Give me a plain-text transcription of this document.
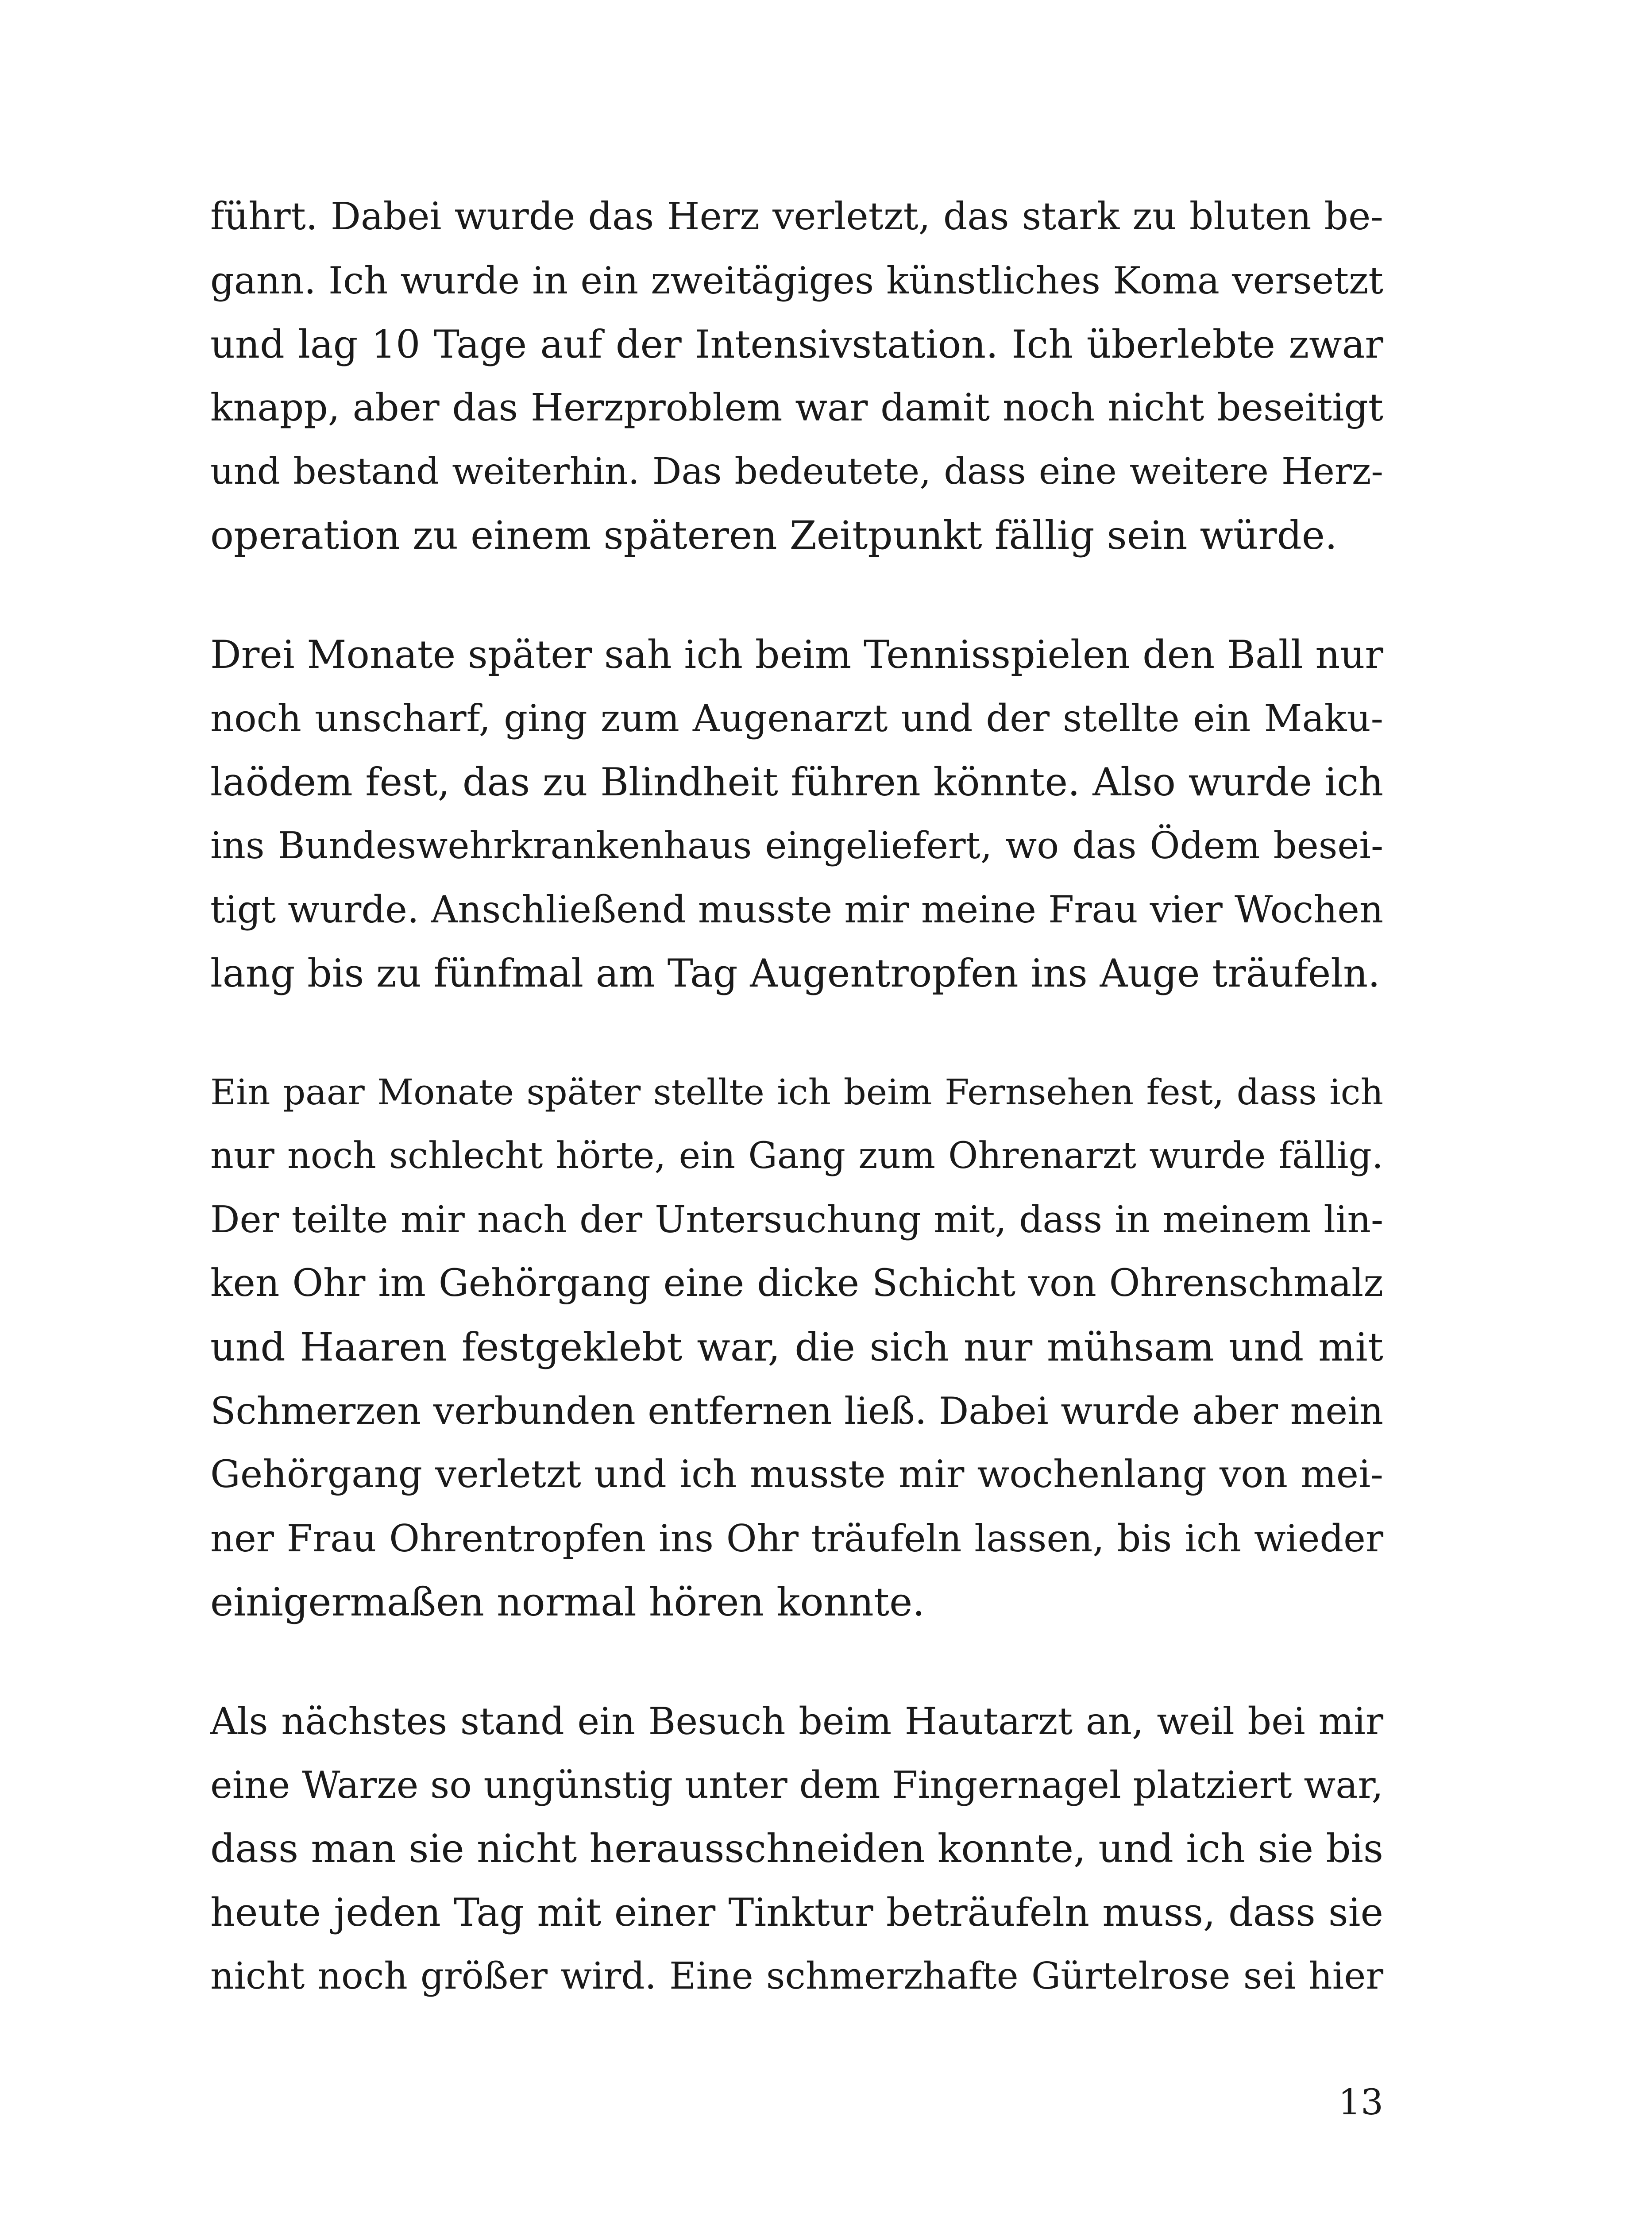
führt. Dabei wurde das Herz verletzt, das stark zu bluten be-
gann. Ich wurde in ein zweitägiges künstliches Koma versetzt
und lag 10 Tage auf der Intensivstation. Ich überlebte zwar
knapp, aber das Herzproblem war damit noch nicht beseitigt
und bestand weiterhin. Das bedeutete, dass eine weitere Herz-
operation zu einem späteren Zeitpunkt fällig sein würde.
Drei Monate später sah ich beim Tennisspielen den Ball nur
noch unscharf, ging zum Augenarzt und der stellte ein Maku-
laödem fest, das zu Blindheit führen könnte. Also wurde ich
ins Bundeswehrkrankenhaus eingeliefert, wo das Ödem besei-
tigt wurde. Anschließend musste mir meine Frau vier Wochen
lang bis zu fünfmal am Tag Augentropfen ins Auge träufeln.
Ein paar Monate später stellte ich beim Fernsehen fest, dass ich
nur noch schlecht hörte, ein Gang zum Ohrenarzt wurde fällig.
Der teilte mir nach der Untersuchung mit, dass in meinem lin-
ken Ohr im Gehörgang eine dicke Schicht von Ohrenschmalz
und Haaren festgeklebt war, die sich nur mühsam und mit
Schmerzen verbunden entfernen ließ. Dabei wurde aber mein
Gehörgang verletzt und ich musste mir wochenlang von mei-
ner Frau Ohrentropfen ins Ohr träufeln lassen, bis ich wieder
einigermaßen normal hören konnte.
Als nächstes stand ein Besuch beim Hautarzt an, weil bei mir
eine Warze so ungünstig unter dem Fingernagel platziert war,
dass man sie nicht herausschneiden konnte, und ich sie bis
heute jeden Tag mit einer Tinktur beträufeln muss, dass sie
nicht noch größer wird. Eine schmerzhafte Gürtelrose sei hier
13
